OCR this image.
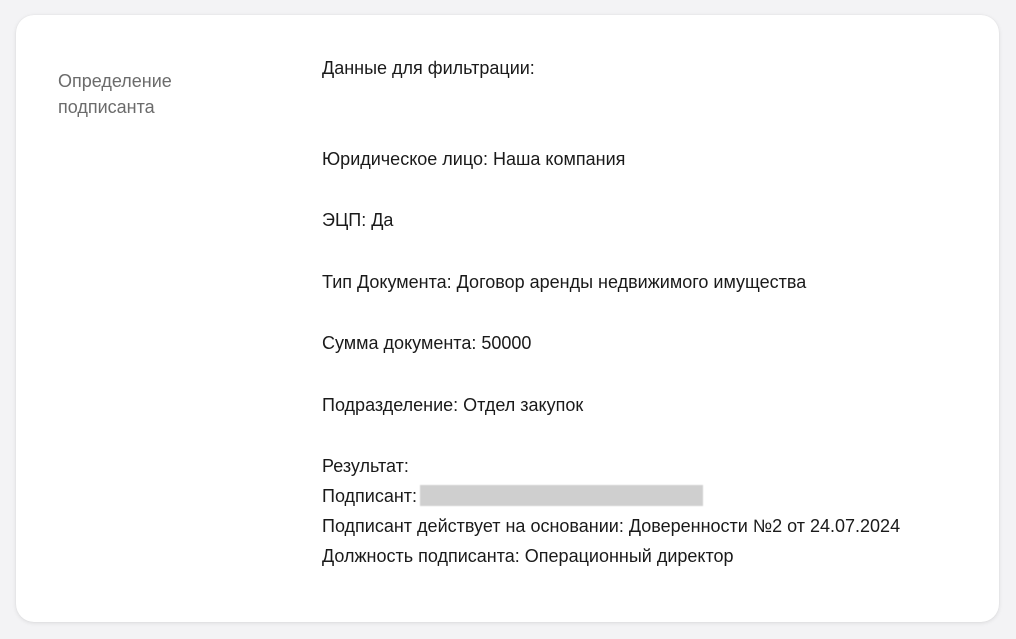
Определение подписанта
Данные для фильтрации:
Юридическое лицо: Наша компания
ЭЦП: Да
Тип Документа: Договор аренды недвижимого имущества
Сумма документа: 50000
Подразделение: Отдел закупок
Результат:
Подписант:
Подписант действует на основании: Доверенности №2 от 24.07.2024
Должность подписанта: Операционный директор
